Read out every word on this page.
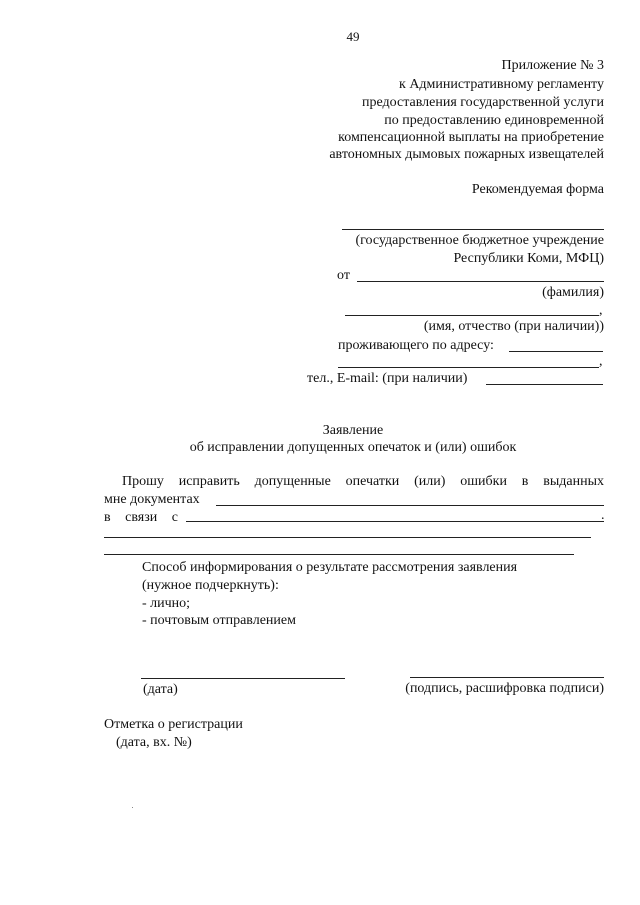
49
Приложение № 3
к Административному регламенту
предоставления государственной услуги
по предоставлению единовременной
компенсационной выплаты на приобретение
автономных дымовых пожарных извещателей
Рекомендуемая форма
(государственное бюджетное учреждение
Республики Коми, МФЦ)
от
(фамилия)
,
(имя, отчество (при наличии))
проживающего по адресу:
,
тел., E-mail: (при наличии)
Заявление
об исправлении допущенных опечаток и (или) ошибок
Прошу исправить допущенные опечатки (или) ошибки в выданных
мне документах
в связи с	.
Способ информирования о результате рассмотрения заявления
(нужное подчеркнуть):
- лично;
- почтовым отправлением
(дата)	(подпись, расшифровка подписи)
Отметка о регистрации
(дата, вх. №)
